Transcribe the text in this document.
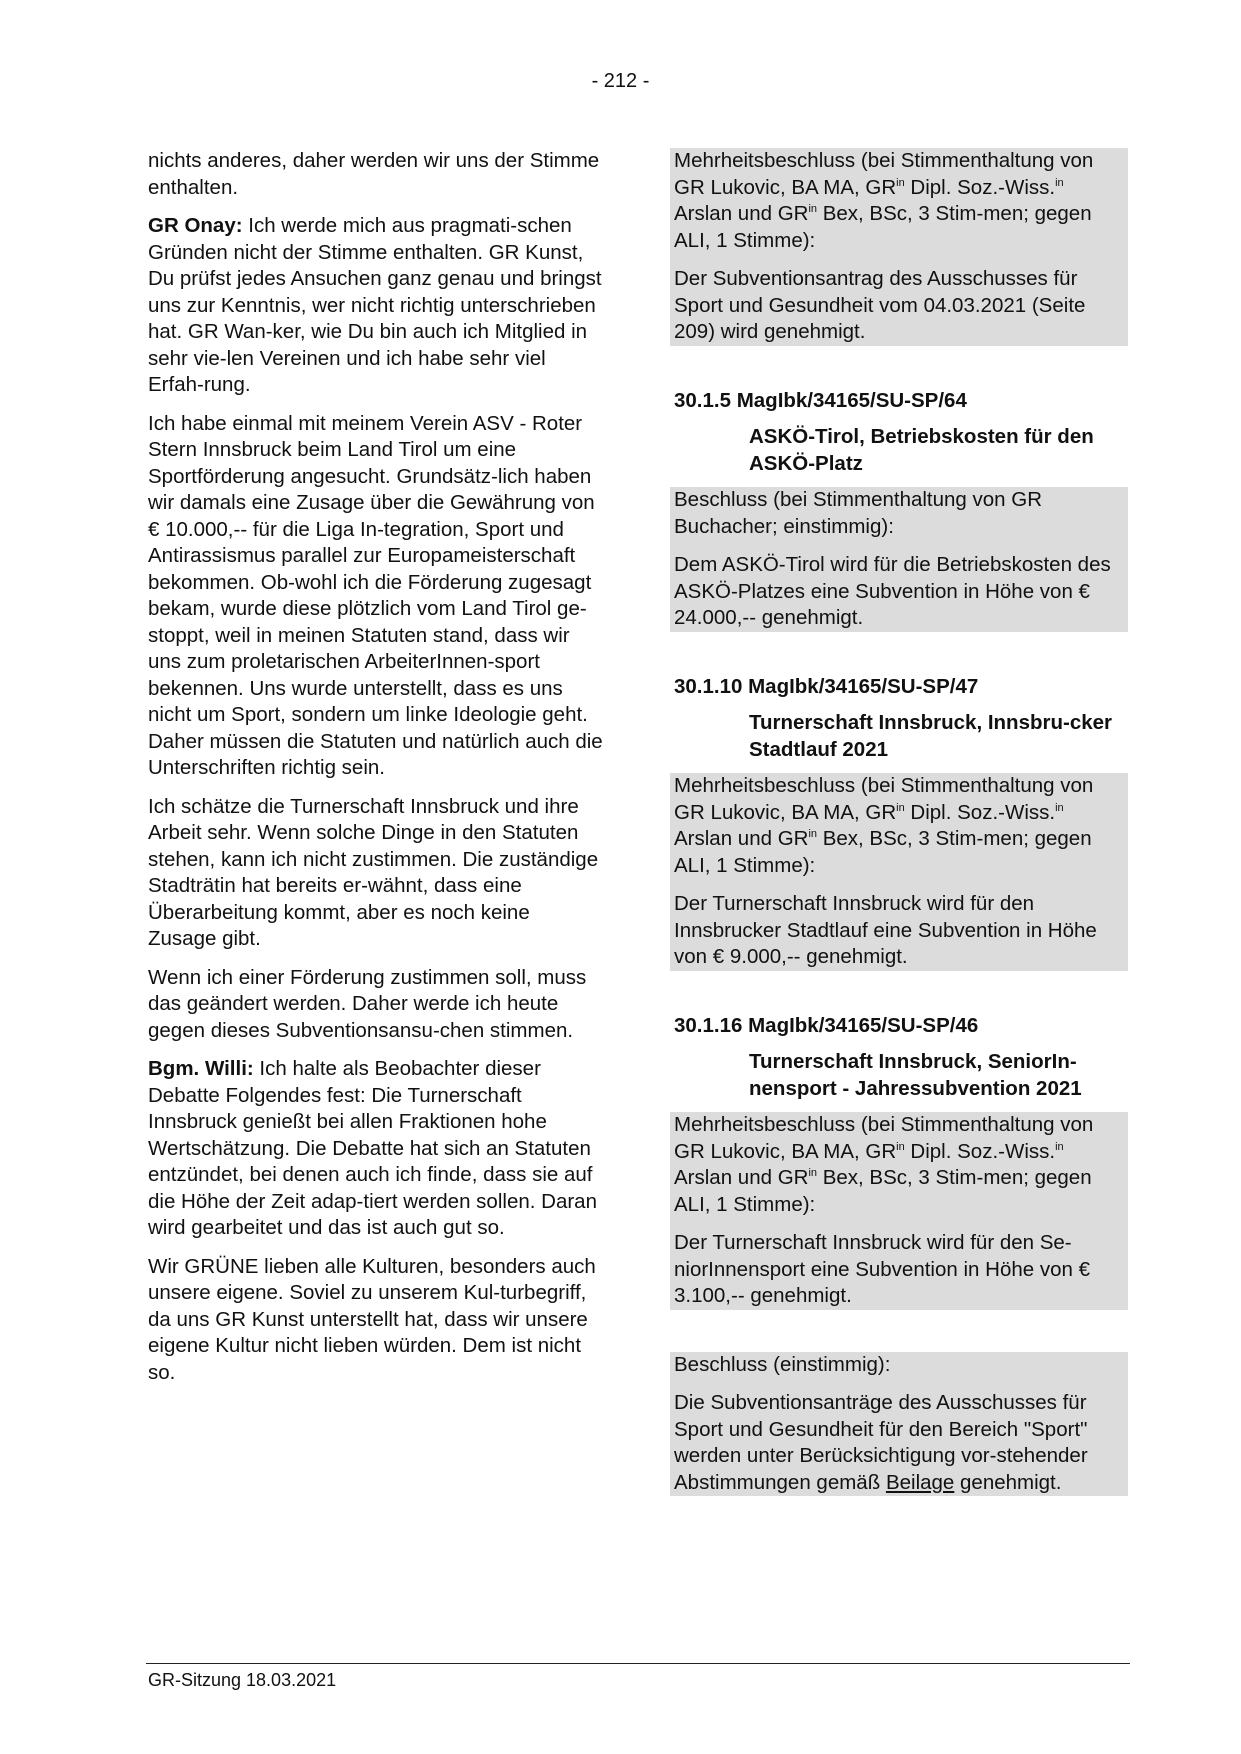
- 212 -

nichts anderes, daher werden wir uns der Stimme enthalten.

GR Onay: Ich werde mich aus pragmati-schen Gründen nicht der Stimme enthalten. GR Kunst, Du prüfst jedes Ansuchen ganz genau und bringst uns zur Kenntnis, wer nicht richtig unterschrieben hat. GR Wan-ker, wie Du bin auch ich Mitglied in sehr vie-len Vereinen und ich habe sehr viel Erfah-rung.

Ich habe einmal mit meinem Verein ASV - Roter Stern Innsbruck beim Land Tirol um eine Sportförderung angesucht. Grundsätz-lich haben wir damals eine Zusage über die Gewährung von € 10.000,-- für die Liga In-tegration, Sport und Antirassismus parallel zur Europameisterschaft bekommen. Ob-wohl ich die Förderung zugesagt bekam, wurde diese plötzlich vom Land Tirol ge-stoppt, weil in meinen Statuten stand, dass wir uns zum proletarischen ArbeiterInnen-sport bekennen. Uns wurde unterstellt, dass es uns nicht um Sport, sondern um linke Ideologie geht. Daher müssen die Statuten und natürlich auch die Unterschriften richtig sein.

Ich schätze die Turnerschaft Innsbruck und ihre Arbeit sehr. Wenn solche Dinge in den Statuten stehen, kann ich nicht zustimmen. Die zuständige Stadträtin hat bereits er-wähnt, dass eine Überarbeitung kommt, aber es noch keine Zusage gibt.

Wenn ich einer Förderung zustimmen soll, muss das geändert werden. Daher werde ich heute gegen dieses Subventionsansu-chen stimmen.

Bgm. Willi: Ich halte als Beobachter dieser Debatte Folgendes fest: Die Turnerschaft Innsbruck genießt bei allen Fraktionen hohe Wertschätzung. Die Debatte hat sich an Statuten entzündet, bei denen auch ich finde, dass sie auf die Höhe der Zeit adap-tiert werden sollen. Daran wird gearbeitet und das ist auch gut so.

Wir GRÜNE lieben alle Kulturen, besonders auch unsere eigene. Soviel zu unserem Kul-turbegriff, da uns GR Kunst unterstellt hat, dass wir unsere eigene Kultur nicht lieben würden. Dem ist nicht so.

Mehrheitsbeschluss (bei Stimmenthaltung von GR Lukovic, BA MA, $GR^{in}$ Dipl. Soz.-Wiss.$^{in}$ Arslan und $GR^{in}$ Bex, BSc, 3 Stim-men; gegen ALI, 1 Stimme):

Der Subventionsantrag des Ausschusses für Sport und Gesundheit vom 04.03.2021 (Seite 209) wird genehmigt.

30.1.5 MagIbk/34165/SU-SP/64
ASKÖ-Tirol, Betriebskosten für den ASKÖ-Platz

Beschluss (bei Stimmenthaltung von GR Buchacher; einstimmig):

Dem ASKÖ-Tirol wird für die Betriebskosten des ASKÖ-Platzes eine Subvention in Höhe von € 24.000,-- genehmigt.

30.1.10 MagIbk/34165/SU-SP/47
Turnerschaft Innsbruck, Innsbru-cker Stadtlauf 2021

Mehrheitsbeschluss (bei Stimmenthaltung von GR Lukovic, BA MA, $GR^{in}$ Dipl. Soz.-Wiss.$^{in}$ Arslan und $GR^{in}$ Bex, BSc, 3 Stim-men; gegen ALI, 1 Stimme):

Der Turnerschaft Innsbruck wird für den Innsbrucker Stadtlauf eine Subvention in Höhe von € 9.000,-- genehmigt.

30.1.16 MagIbk/34165/SU-SP/46
Turnerschaft Innsbruck, SeniorIn-nensport - Jahressubvention 2021

Mehrheitsbeschluss (bei Stimmenthaltung von GR Lukovic, BA MA, $GR^{in}$ Dipl. Soz.-Wiss.$^{in}$ Arslan und $GR^{in}$ Bex, BSc, 3 Stim-men; gegen ALI, 1 Stimme):

Der Turnerschaft Innsbruck wird für den Se-niorInnensport eine Subvention in Höhe von € 3.100,-- genehmigt.

Beschluss (einstimmig):

Die Subventionsanträge des Ausschusses für Sport und Gesundheit für den Bereich "Sport" werden unter Berücksichtigung vor-stehender Abstimmungen gemäß Beilage genehmigt.

GR-Sitzung 18.03.2021
